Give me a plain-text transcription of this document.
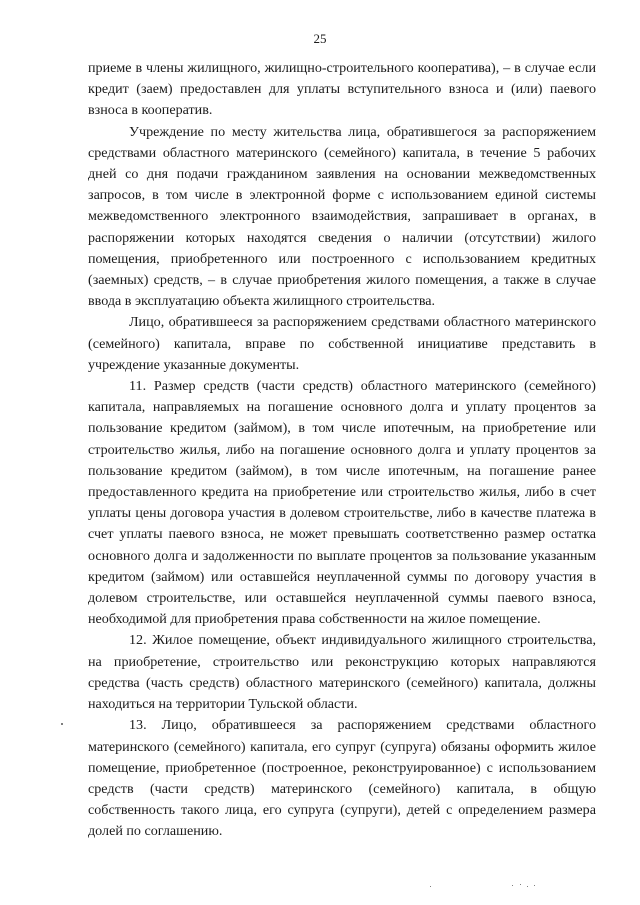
25

приеме в члены жилищного, жилищно-строительного кооператива), – в случае если кредит (заем) предоставлен для уплаты вступительного взноса и (или) паевого взноса в кооператив.

Учреждение по месту жительства лица, обратившегося за распоряжением средствами областного материнского (семейного) капитала, в течение 5 рабочих дней со дня подачи гражданином заявления на основании межведомственных запросов, в том числе в электронной форме с использованием единой системы межведомственного электронного взаимодействия, запрашивает в органах, в распоряжении которых находятся сведения о наличии (отсутствии) жилого помещения, приобретенного или построенного с использованием кредитных (заемных) средств, – в случае приобретения жилого помещения, а также в случае ввода в эксплуатацию объекта жилищного строительства.

Лицо, обратившееся за распоряжением средствами областного материнского (семейного) капитала, вправе по собственной инициативе представить в учреждение указанные документы.

11. Размер средств (части средств) областного материнского (семейного) капитала, направляемых на погашение основного долга и уплату процентов за пользование кредитом (займом), в том числе ипотечным, на приобретение или строительство жилья, либо на погашение основного долга и уплату процентов за пользование кредитом (займом), в том числе ипотечным, на погашение ранее предоставленного кредита на приобретение или строительство жилья, либо в счет уплаты цены договора участия в долевом строительстве, либо в качестве платежа в счет уплаты паевого взноса, не может превышать соответственно размер остатка основного долга и задолженности по выплате процентов за пользование указанным кредитом (займом) или оставшейся неуплаченной суммы по договору участия в долевом строительстве, или оставшейся неуплаченной суммы паевого взноса, необходимой для приобретения права собственности на жилое помещение.

12. Жилое помещение, объект индивидуального жилищного строительства, на приобретение, строительство или реконструкцию которых направляются средства (часть средств) областного материнского (семейного) капитала, должны находиться на территории Тульской области.

13. Лицо, обратившееся за распоряжением средствами областного материнского (семейного) капитала, его супруг (супруга) обязаны оформить жилое помещение, приобретенное (построенное, реконструированное) с использованием средств (части средств) материнского (семейного) капитала, в общую собственность такого лица, его супруга (супруги), детей с определением размера долей по соглашению.
